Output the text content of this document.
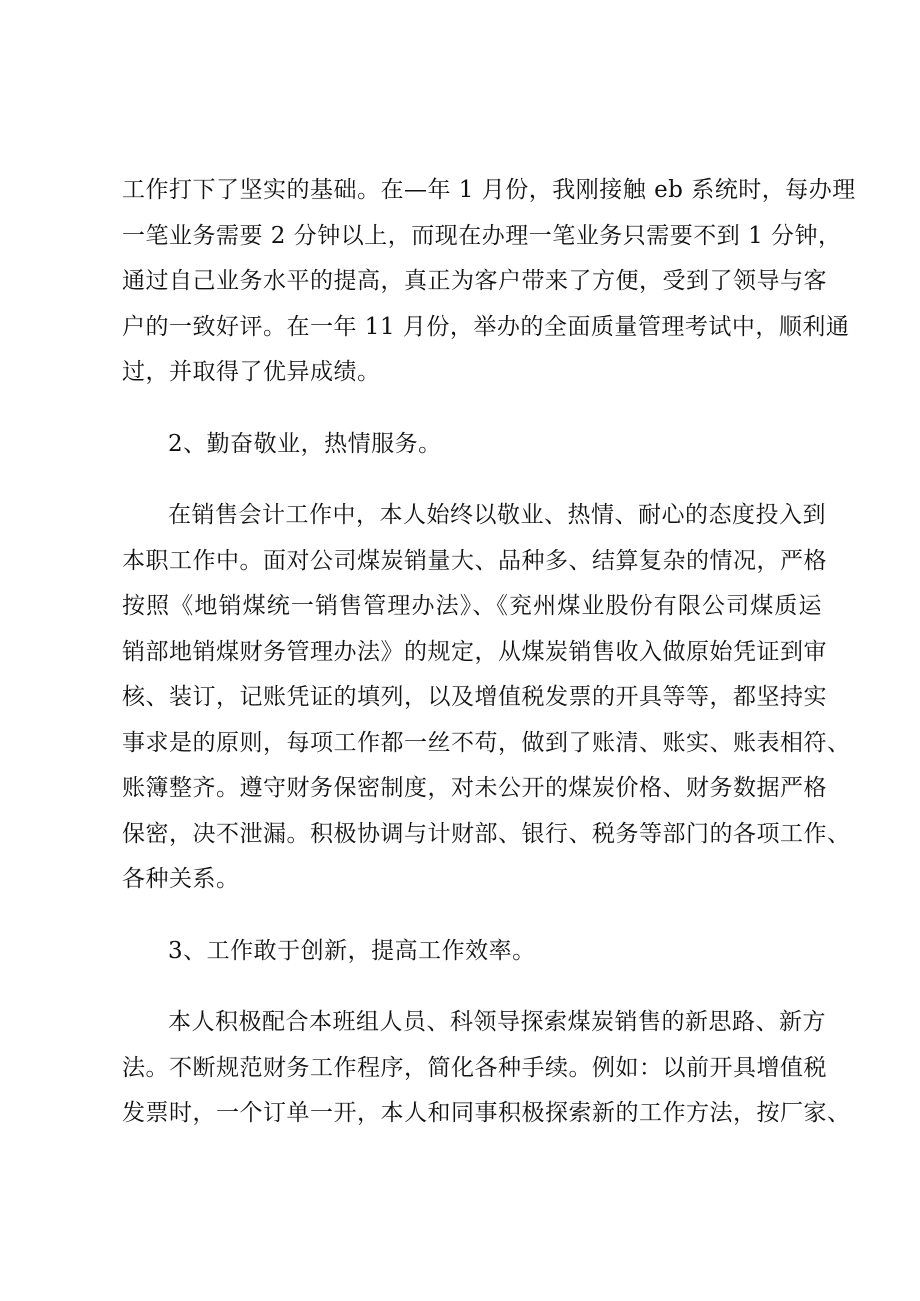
工作打下了坚实的基础。在—年 1 月份，我刚接触 eb 系统时，每办理
一笔业务需要 2 分钟以上，而现在办理一笔业务只需要不到 1 分钟，
通过自己业务水平的提高，真正为客户带来了方便，受到了领导与客
户的一致好评。在一年 11 月份，举办的全面质量管理考试中，顺利通
过，并取得了优异成绩。
2、勤奋敬业，热情服务。
在销售会计工作中，本人始终以敬业、热情、耐心的态度投入到
本职工作中。面对公司煤炭销量大、品种多、结算复杂的情况，严格
按照《地销煤统一销售管理办法》、《兖州煤业股份有限公司煤质运
销部地销煤财务管理办法》的规定，从煤炭销售收入做原始凭证到审
核、装订，记账凭证的填列，以及增值税发票的开具等等，都坚持实
事求是的原则，每项工作都一丝不苟，做到了账清、账实、账表相符、
账簿整齐。遵守财务保密制度，对未公开的煤炭价格、财务数据严格
保密，决不泄漏。积极协调与计财部、银行、税务等部门的各项工作、
各种关系。
3、工作敢于创新，提高工作效率。
本人积极配合本班组人员、科领导探索煤炭销售的新思路、新方
法。不断规范财务工作程序，简化各种手续。例如：以前开具增值税
发票时，一个订单一开，本人和同事积极探索新的工作方法，按厂家、
